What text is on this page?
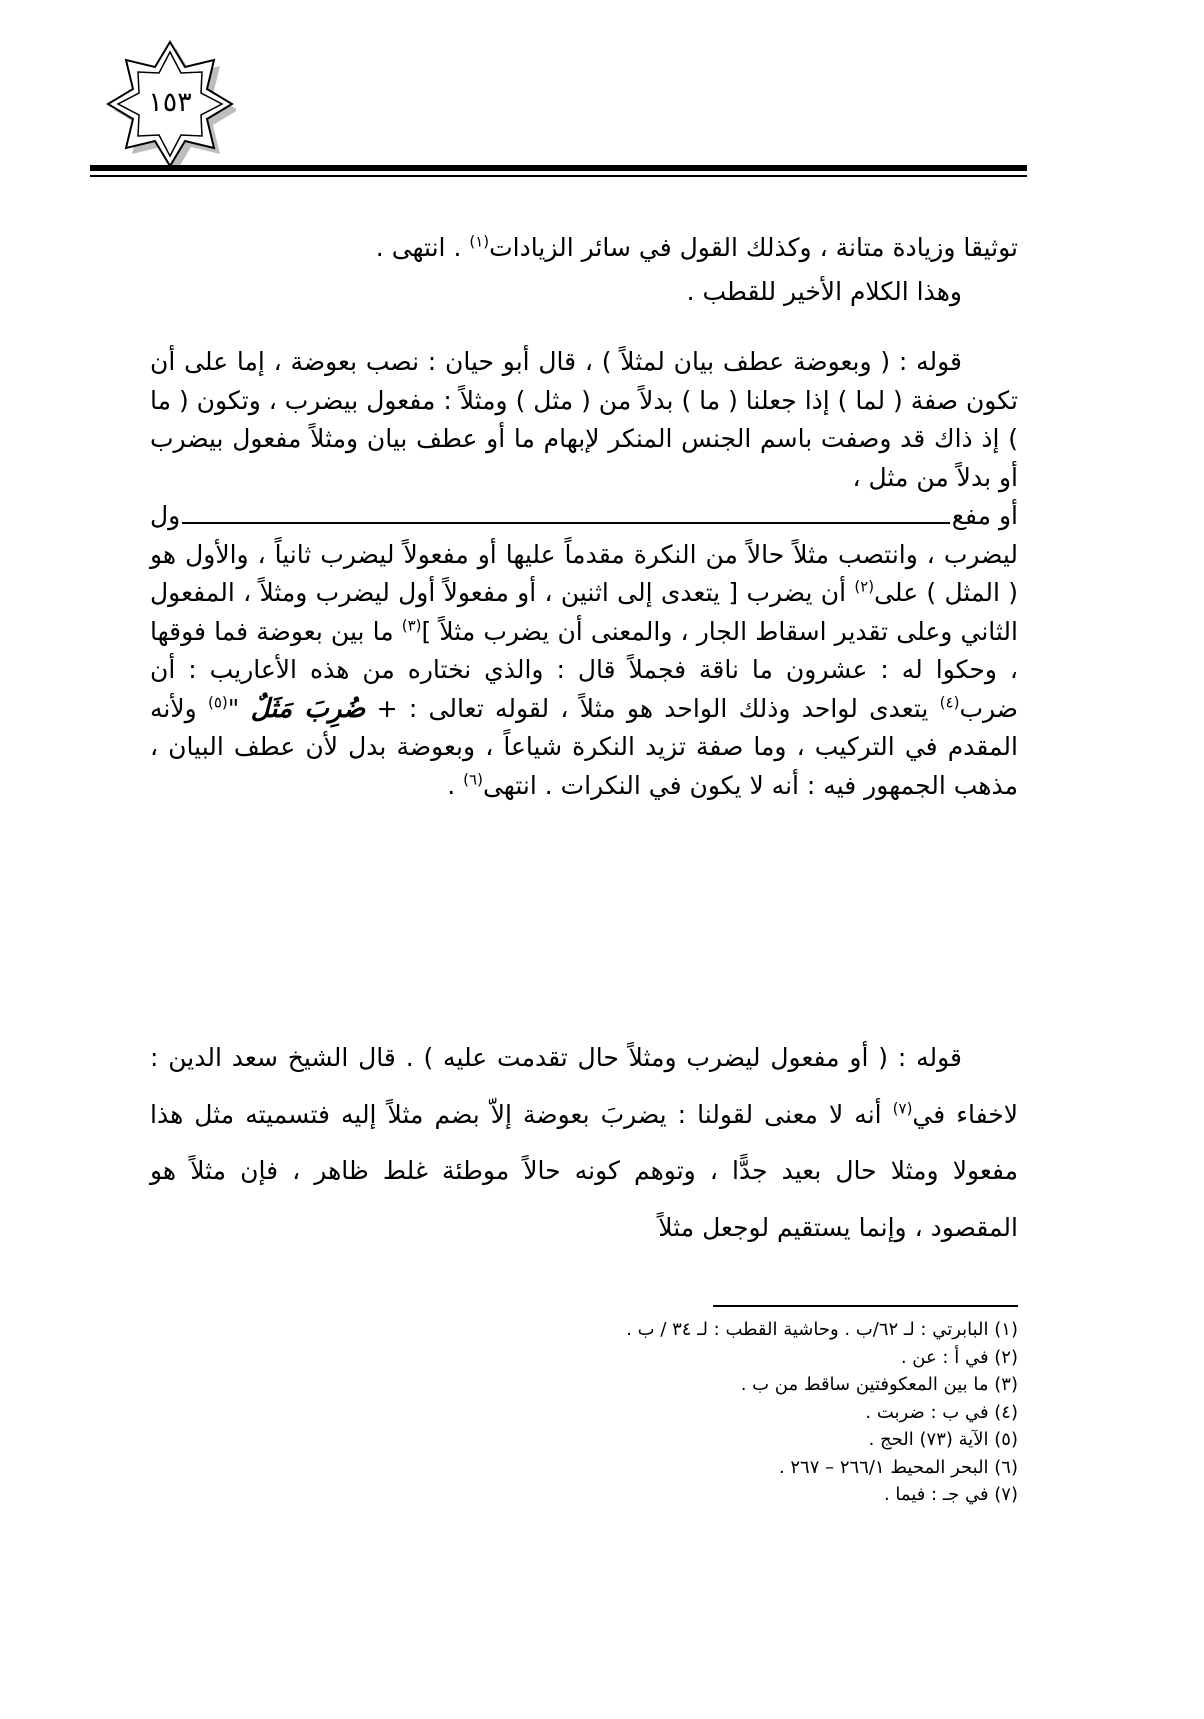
١٥٣

توثيقا وزيادة متانة ، وكذلك القول في سائر الزيادات$^{(١)}$ . انتهى .

وهذا الكلام الأخير للقطب .

قوله : ( وبعوضة عطف بيان لمثلاً ) ، قال أبو حيان : نصب بعوضة ، إما على أن تكون صفة ( لما ) إذا جعلنا ( ما ) بدلاً من ( مثل ) ومثلاً : مفعول بيضرب ، وتكون ( ما ) إذ ذاك قد وصفت باسم الجنس المنكر لإبهام ما أو عطف بيان ومثلاً مفعول بيضرب أو بدلاً من مثل ،

أو مفع
ول

ليضرب ، وانتصب مثلاً حالاً من النكرة مقدماً عليها أو مفعولاً ليضرب ثانياً ، والأول هو ( المثل ) على$^{(٢)}$ أن يضرب [ يتعدى إلى اثنين ، أو مفعولاً أول ليضرب ومثلاً ، المفعول الثاني وعلى تقدير اسقاط الجار ، والمعنى أن يضرب مثلاً ]$^{(٣)}$ ما بين بعوضة فما فوقها ، وحكوا له : عشرون ما ناقة فجملاً قال : والذي نختاره من هذه الأعاريب : أن ضرب$^{(٤)}$ يتعدى لواحد وذلك الواحد هو مثلاً ، لقوله تعالى : + ضُرِبَ مَثَلٌ "$^{(٥)}$ ولأنه المقدم في التركيب ، وما صفة تزيد النكرة شياعاً ، وبعوضة بدل لأن عطف البيان ، مذهب الجمهور فيه : أنه لا يكون في النكرات . انتهى$^{(٦)}$ .

قوله : ( أو مفعول ليضرب ومثلاً حال تقدمت عليه ) . قال الشيخ سعد الدين : لاخفاء في$^{(٧)}$ أنه لا معنى لقولنا : يضربَ بعوضة إلاّ بضم مثلاً إليه فتسميته مثل هذا مفعولا ومثلا حال بعيد جدًّا ، وتوهم كونه حالاً موطئة غلط ظاهر ، فإن مثلاً هو المقصود ، وإنما يستقيم لوجعل مثلاً

(١) البابرتي : لـ ٦٢/ب . وحاشية القطب : لـ ٣٤ / ب .
(٢) في أ : عن .
(٣) ما بين المعكوفتين ساقط من ب .
(٤) في ب : ضربت .
(٥) الآية (٧٣) الحج .
(٦) البحر المحيط ٢٦٦/١ – ٢٦٧ .
(٧) في جـ : فيما .
